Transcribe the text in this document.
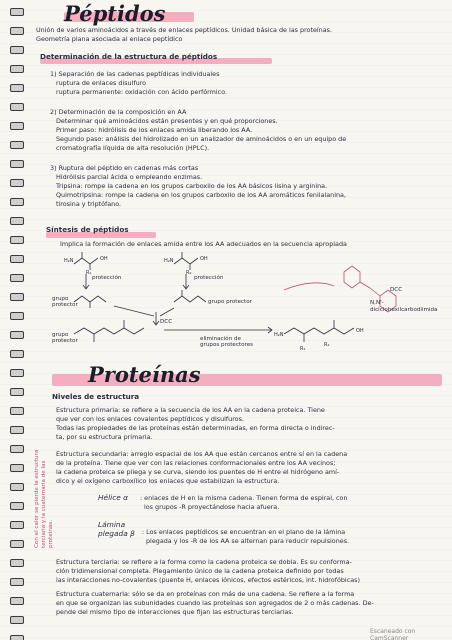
Péptidos
Unión de varios aminoácidos a través de enlaces peptídicos. Unidad básica de las proteínas.
Geometría plana asociada al enlace peptídico
Determinación de la estructura de péptidos
1) Separación de las cadenas peptídicas individuales
ruptura de enlaces disulfuro
ruptura permanente: oxidación con ácido perfórmico.
2) Determinación de la composición en AA
Determinar qué aminoácidos están presentes y en qué proporciones.
Primer paso: hidrólisis de los enlaces amida liberando los AA.
Segundo paso: análisis del hidrolizado en un analizador de aminoácidos o en un equipo de
cromatografía líquida de alta resolución (HPLC).
3) Ruptura del péptido en cadenas más cortas
Hidrólisis parcial ácida o empleando enzimas.
Tripsina: rompe la cadena en los grupos carboxilo de los AA básicos lisina y arginina.
Quimotripsina: rompe la cadena en los grupos carboxilo de los AA aromáticos fenilalanina,
tirosina y triptófano.
Síntesis de péptidos
Implica la formación de enlaces amida entre los AA adecuados en la secuencia apropiada
H₂N	OH	H₂N	OH
R₁	R₂
R₂
R₁
H₂N
OH
protección	protección
grupo protector	grupo protector
grupo protector
DCC
DCC
eliminación de grupos protectores
N,N'-diciclohexilcarbodiimida
Proteínas
Niveles de estructura
Estructura primaria: se refiere a la secuencia de los AA en la cadena proteica. Tiene
que ver con los enlaces covalentes peptídicos y disulfuros.
Todas las propiedades de las proteínas están determinadas, en forma directa o indirec-
ta, por su estructura primaria.
Estructura secundaria: arreglo espacial de los AA que están cercanos entre sí en la cadena
de la proteína. Tiene que ver con las relaciones conformacionales entre los AA vecinos;
la cadena proteica se pliega y se curva, siendo los puentes de H entre el hidrógeno amí-
dico y el oxígeno carboxílico los enlaces que estabilizan la estructura.
Hélice α : enlaces de H en la misma cadena. Tienen forma de espiral, con
los grupos -R proyectándose hacia afuera.
Lámina plegada β	: Los enlaces peptídicos se encuentran en el plano de la lámina
plegada y los -R de los AA se alternan para reducir repulsiones.
Estructura terciaria: se refiere a la forma como la cadena proteica se dobla. Es su conforma-
ción tridimensional completa. Plegamiento único de la cadena proteica definido por todas
las interacciones no-covalentes (puente H, enlaces iónicos, efectos estéricos, int. hidrofóbicas)
Estructura cuaternaria: sólo se da en proteínas con más de una cadena. Se refiere a la forma
en que se organizan las subunidades cuando las proteínas son agregados de 2 o más cadenas. De-
pende del mismo tipo de interacciones que fijan las estructuras terciarias.
Con el calor se pierde la estructura terciaria y la cuaternaria de las proteínas.
Escaneado con CamScanner
